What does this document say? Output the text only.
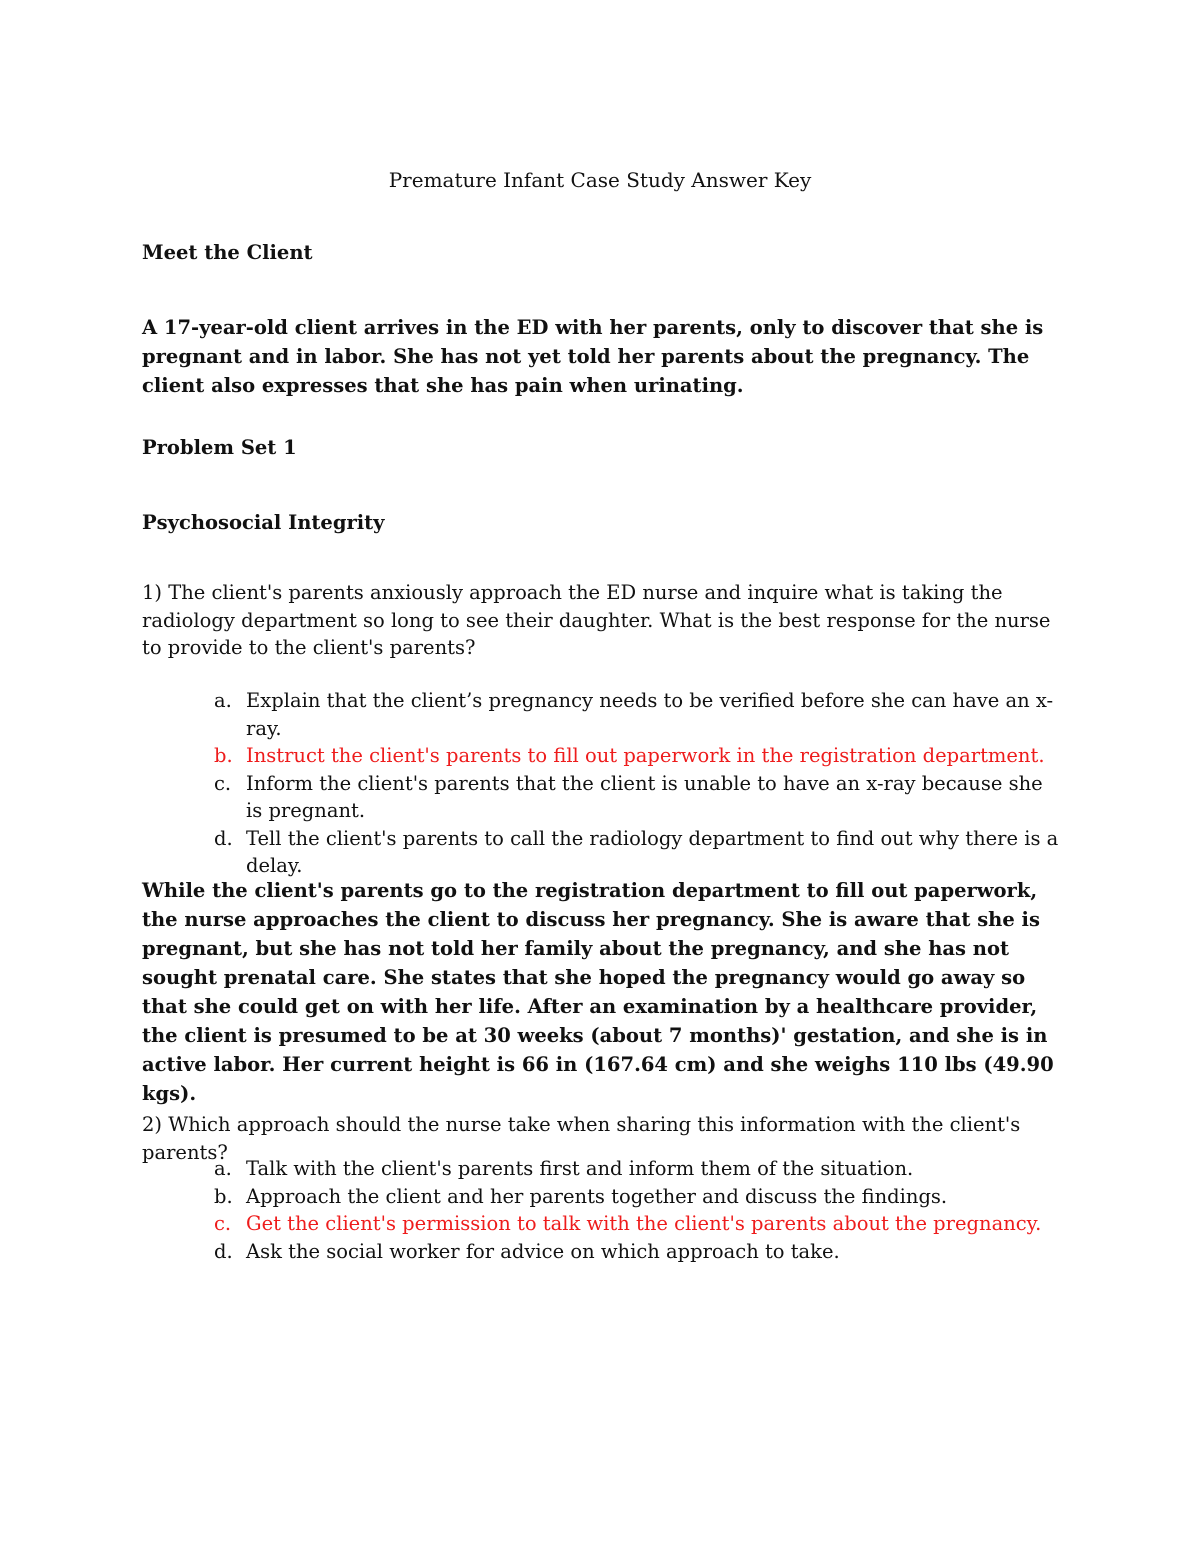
Premature Infant Case Study Answer Key

Meet the Client

A 17-year-old client arrives in the ED with her parents, only to discover that she is pregnant and in labor. She has not yet told her parents about the pregnancy. The client also expresses that she has pain when urinating.

Problem Set 1

Psychosocial Integrity

1) The client's parents anxiously approach the ED nurse and inquire what is taking the radiology department so long to see their daughter. What is the best response for the nurse to provide to the client's parents?

a. Explain that the client’s pregnancy needs to be verified before she can have an x-ray.
b. Instruct the client's parents to fill out paperwork in the registration department.
c. Inform the client's parents that the client is unable to have an x-ray because she is pregnant.
d. Tell the client's parents to call the radiology department to find out why there is a delay.

While the client's parents go to the registration department to fill out paperwork, the nurse approaches the client to discuss her pregnancy. She is aware that she is pregnant, but she has not told her family about the pregnancy, and she has not sought prenatal care. She states that she hoped the pregnancy would go away so that she could get on with her life. After an examination by a healthcare provider, the client is presumed to be at 30 weeks (about 7 months)' gestation, and she is in active labor. Her current height is 66 in (167.64 cm) and she weighs 110 lbs (49.90 kgs).

2) Which approach should the nurse take when sharing this information with the client's parents?

a. Talk with the client's parents first and inform them of the situation.
b. Approach the client and her parents together and discuss the findings.
c. Get the client's permission to talk with the client's parents about the pregnancy.
d. Ask the social worker for advice on which approach to take.
